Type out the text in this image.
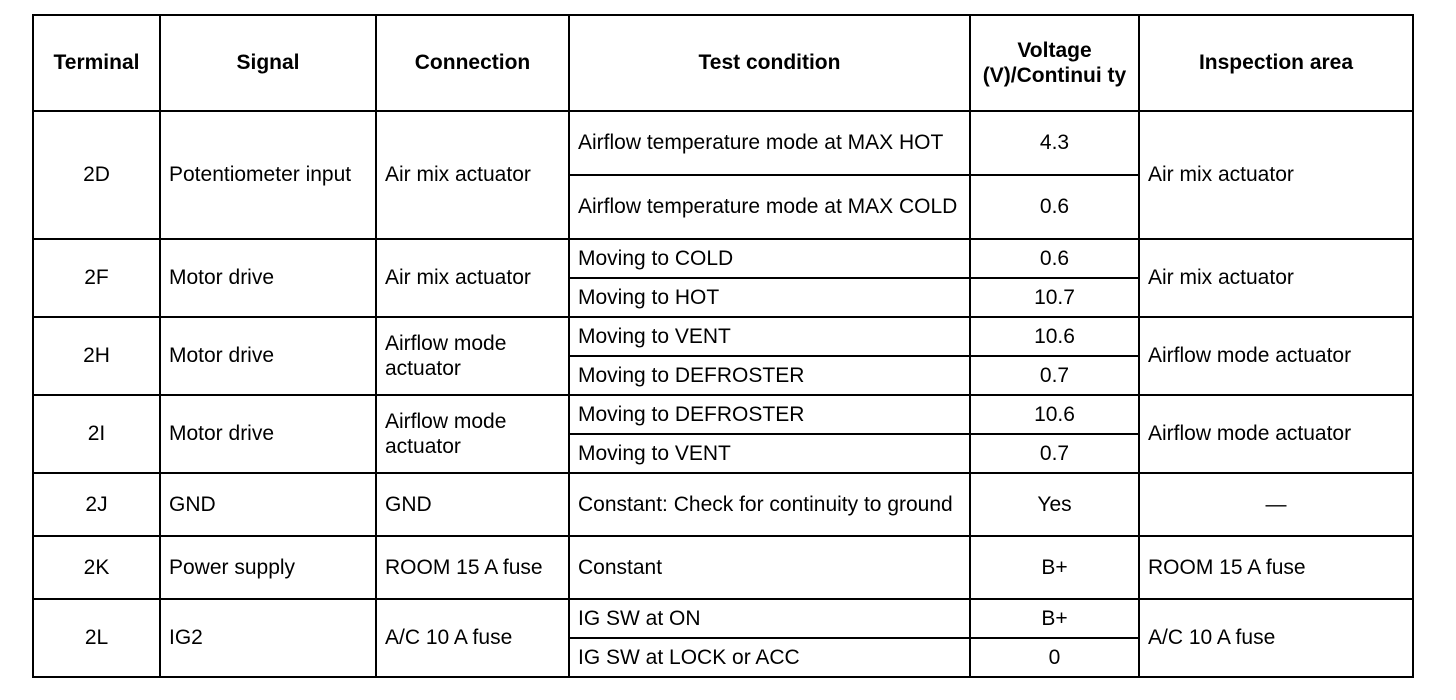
Terminal	Signal	Connection	Test condition	Voltage (V)/Continui ty	Inspection area
2D	Potentiometer input	Air mix actuator	Airflow temperature mode at MAX HOT	4.3	Air mix actuator
			Airflow temperature mode at MAX COLD	0.6	
2F	Motor drive	Air mix actuator	Moving to COLD	0.6	Air mix actuator
			Moving to HOT	10.7	
2H	Motor drive	Airflow mode actuator	Moving to VENT	10.6	Airflow mode actuator
			Moving to DEFROSTER	0.7	
2I	Motor drive	Airflow mode actuator	Moving to DEFROSTER	10.6	Airflow mode actuator
			Moving to VENT	0.7	
2J	GND	GND	Constant: Check for continuity to ground	Yes	—
2K	Power supply	ROOM 15 A fuse	Constant	B+	ROOM 15 A fuse
2L	IG2	A/C 10 A fuse	IG SW at ON	B+	A/C 10 A fuse
			IG SW at LOCK or ACC	0	
